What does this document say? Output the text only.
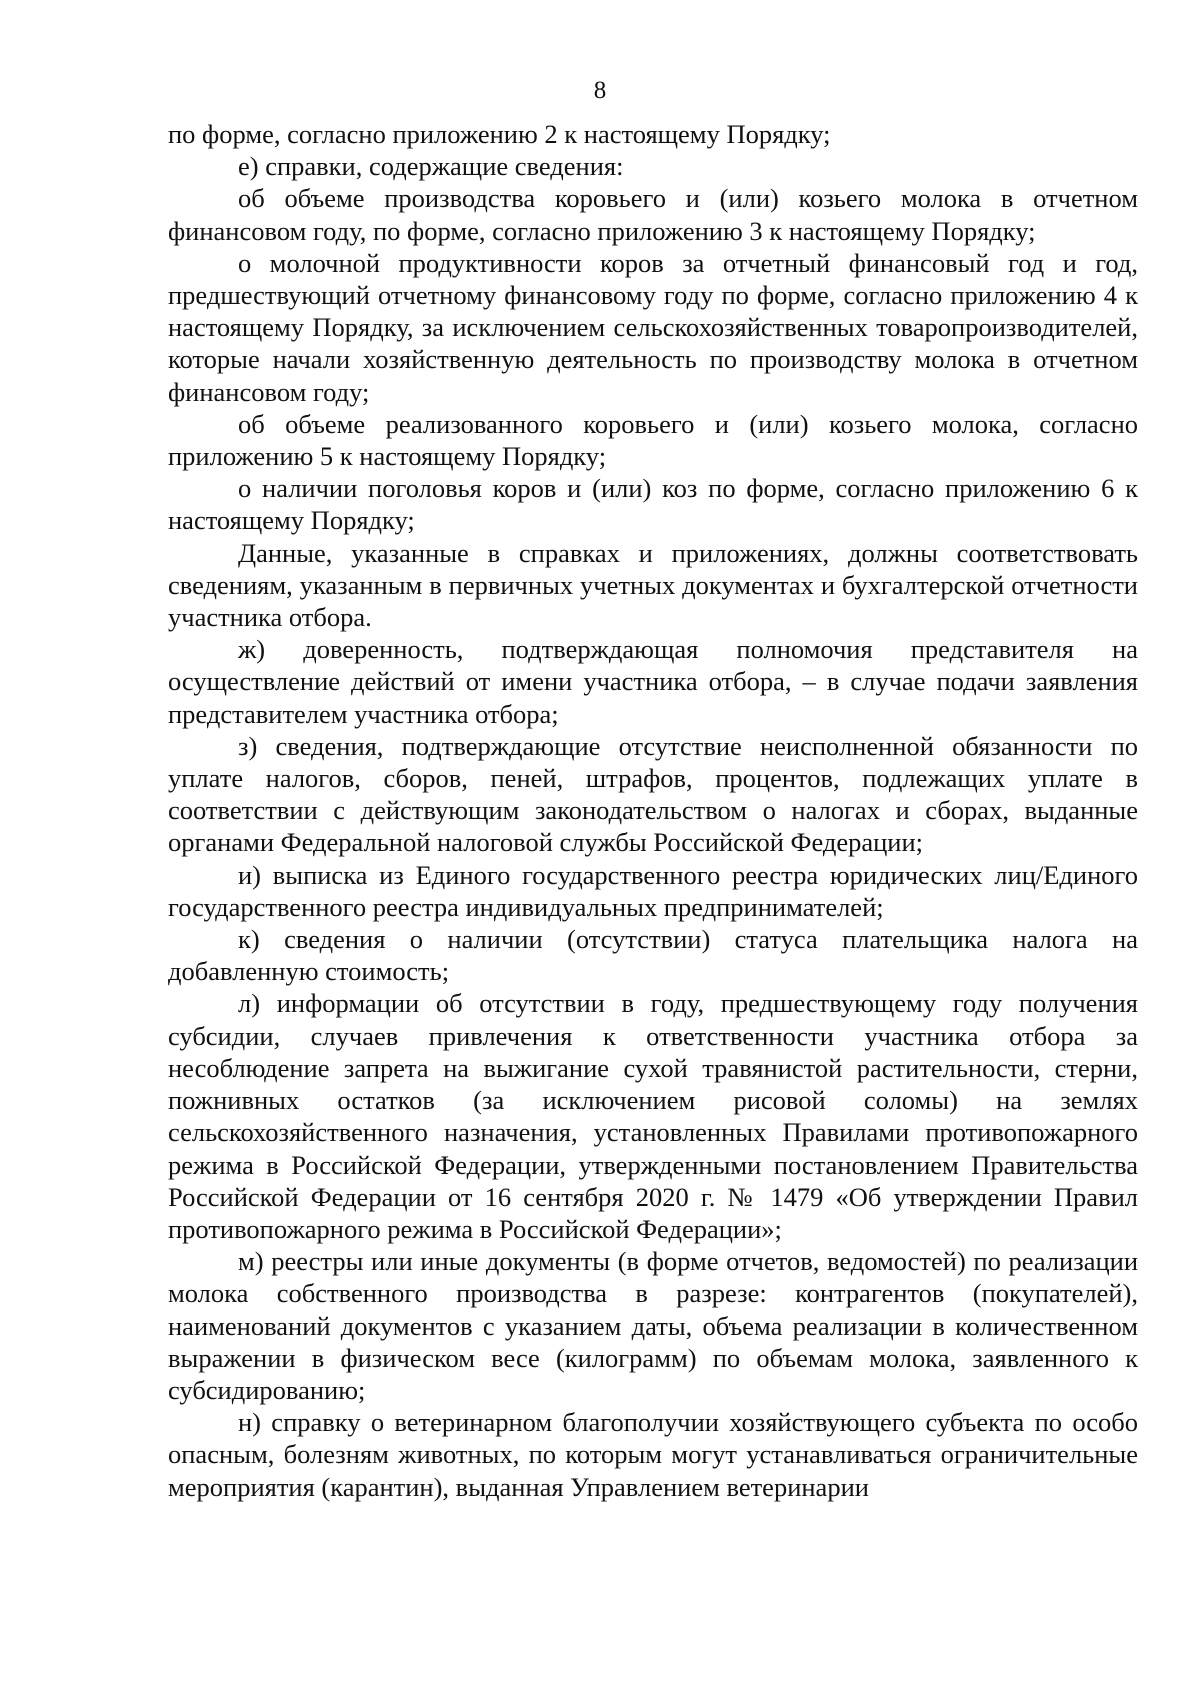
8

по форме, согласно приложению 2 к настоящему Порядку;

е) справки, содержащие сведения:

об объеме производства коровьего и (или) козьего молока в отчетном финансовом году, по форме, согласно приложению 3 к настоящему Порядку;

о молочной продуктивности коров за отчетный финансовый год и год, предшествующий отчетному финансовому году по форме, согласно приложению 4 к настоящему Порядку, за исключением сельскохозяйственных товаропроизводителей, которые начали хозяйственную деятельность по производству молока в отчетном финансовом году;

об объеме реализованного коровьего и (или) козьего молока, согласно приложению 5 к настоящему Порядку;

о наличии поголовья коров и (или) коз по форме, согласно приложению 6 к настоящему Порядку;

Данные, указанные в справках и приложениях, должны соответствовать сведениям, указанным в первичных учетных документах и бухгалтерской отчетности участника отбора.

ж) доверенность, подтверждающая полномочия представителя на осуществление действий от имени участника отбора, – в случае подачи заявления представителем участника отбора;

з) сведения, подтверждающие отсутствие неисполненной обязанности по уплате налогов, сборов, пеней, штрафов, процентов, подлежащих уплате в соответствии с действующим законодательством о налогах и сборах, выданные органами Федеральной налоговой службы Российской Федерации;

и) выписка из Единого государственного реестра юридических лиц/Единого государственного реестра индивидуальных предпринимателей;

к) сведения о наличии (отсутствии) статуса плательщика налога на добавленную стоимость;

л) информации об отсутствии в году, предшествующему году получения субсидии, случаев привлечения к ответственности участника отбора за несоблюдение запрета на выжигание сухой травянистой растительности, стерни, пожнивных остатков (за исключением рисовой соломы) на землях сельскохозяйственного назначения, установленных Правилами противопожарного режима в Российской Федерации, утвержденными постановлением Правительства Российской Федерации от 16 сентября 2020 г. № 1479 «Об утверждении Правил противопожарного режима в Российской Федерации»;

м) реестры или иные документы (в форме отчетов, ведомостей) по реализации молока собственного производства в разрезе: контрагентов (покупателей), наименований документов с указанием даты, объема реализации в количественном выражении в физическом весе (килограмм) по объемам молока, заявленного к субсидированию;

н) справку о ветеринарном благополучии хозяйствующего субъекта по особо опасным, болезням животных, по которым могут устанавливаться ограничительные мероприятия (карантин), выданная Управлением ветеринарии
